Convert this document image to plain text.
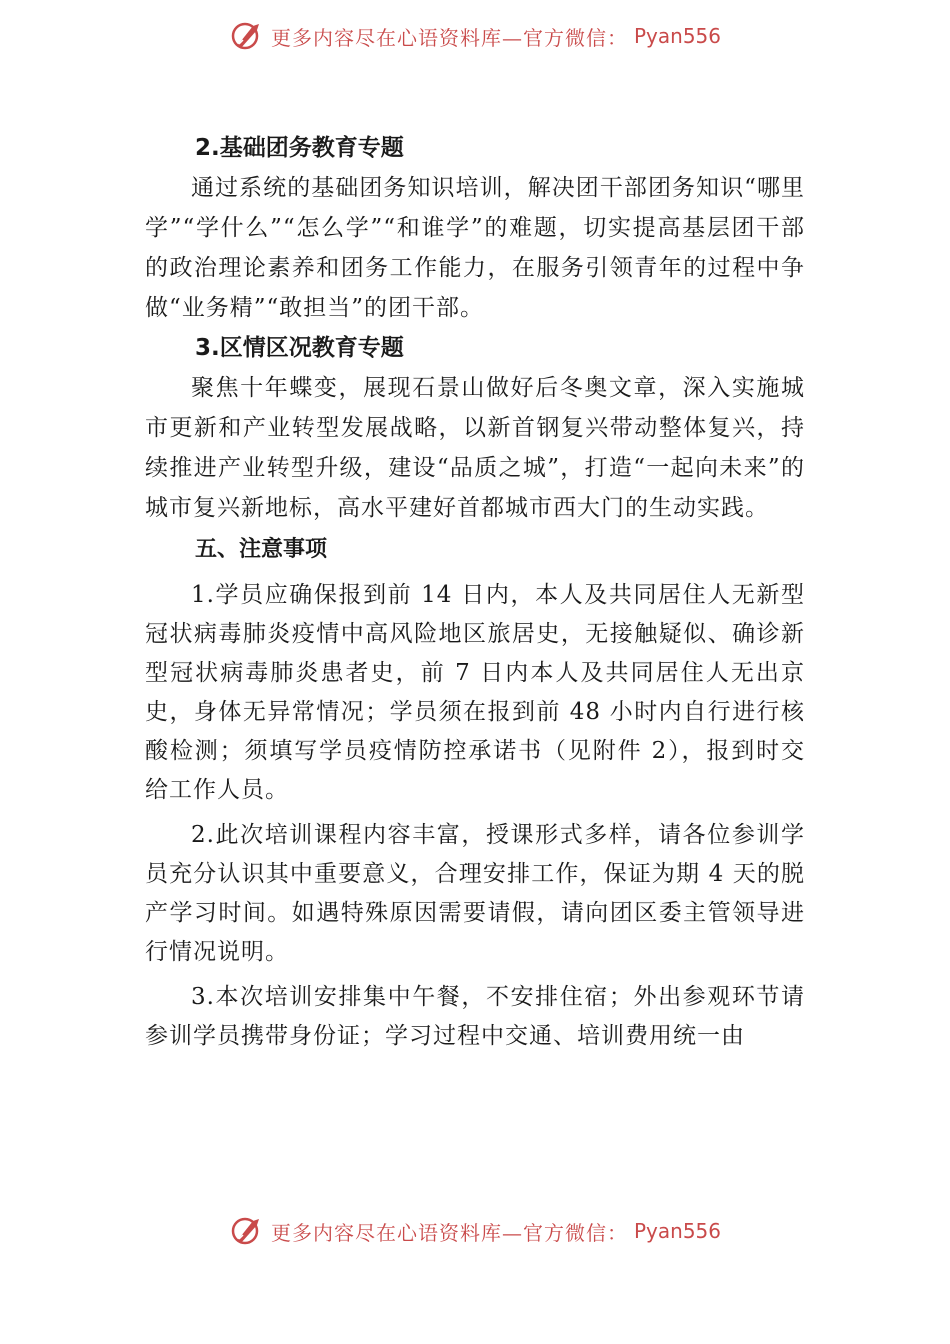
更多内容尽在心语资料库—官方微信： Pyan556

2.基础团务教育专题

通过系统的基础团务知识培训，解决团干部团务知识“哪里学”“学什么”“怎么学”“和谁学”的难题，切实提高基层团干部的政治理论素养和团务工作能力，在服务引领青年的过程中争做“业务精”“敢担当”的团干部。

3.区情区况教育专题

聚焦十年蝶变，展现石景山做好后冬奥文章，深入实施城市更新和产业转型发展战略，以新首钢复兴带动整体复兴，持续推进产业转型升级，建设“品质之城”，打造“一起向未来”的城市复兴新地标，高水平建好首都城市西大门的生动实践。

五、注意事项

1.学员应确保报到前 14 日内，本人及共同居住人无新型冠状病毒肺炎疫情中高风险地区旅居史，无接触疑似、确诊新型冠状病毒肺炎患者史，前 7 日内本人及共同居住人无出京史，身体无异常情况；学员须在报到前 48 小时内自行进行核酸检测；须填写学员疫情防控承诺书（见附件 2），报到时交给工作人员。

2.此次培训课程内容丰富，授课形式多样，请各位参训学员充分认识其中重要意义，合理安排工作，保证为期 4 天的脱产学习时间。如遇特殊原因需要请假，请向团区委主管领导进行情况说明。

3.本次培训安排集中午餐，不安排住宿；外出参观环节请参训学员携带身份证；学习过程中交通、培训费用统一由

更多内容尽在心语资料库—官方微信： Pyan556
